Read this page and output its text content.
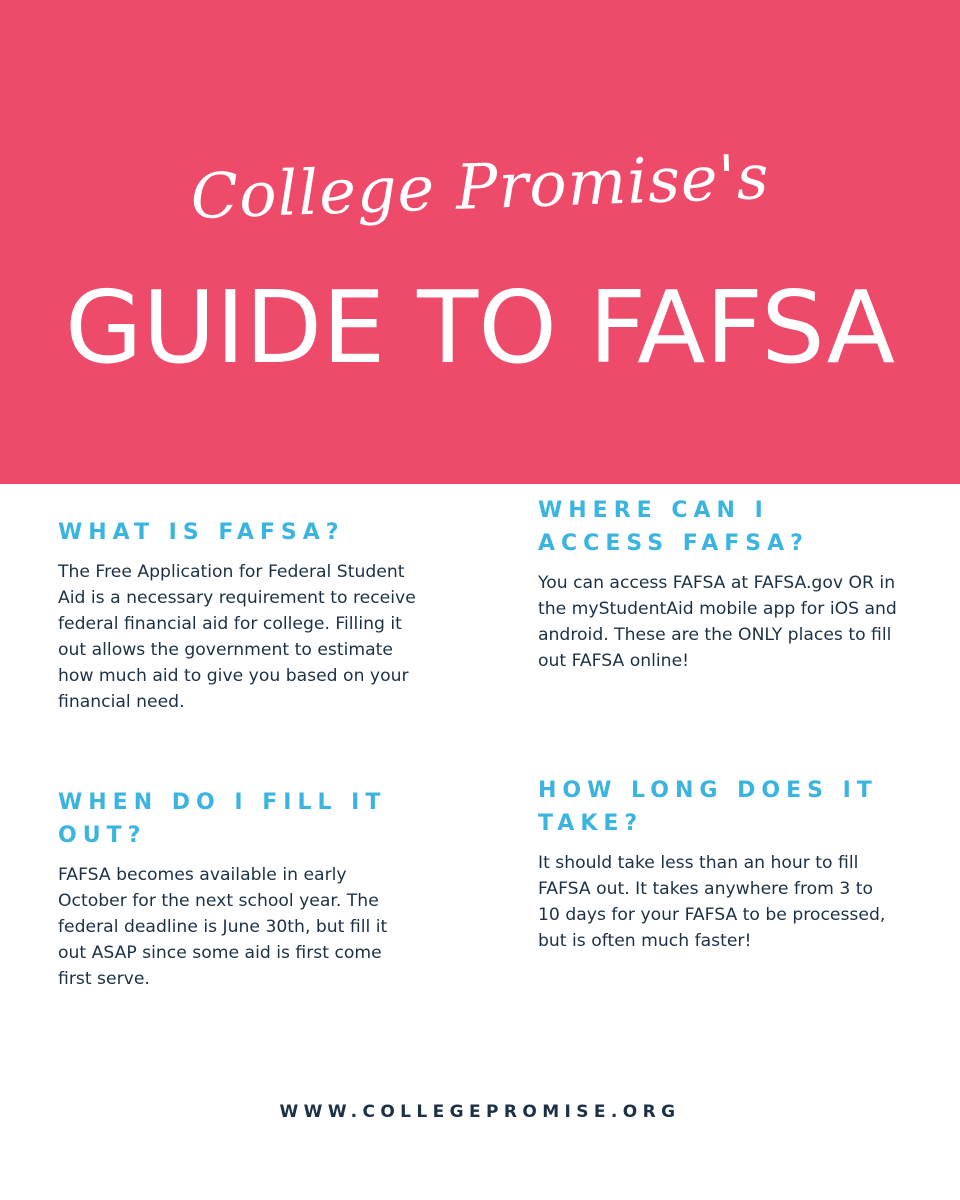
College Promise's
GUIDE TO FAFSA
WHAT IS FAFSA?

The Free Application for Federal Student Aid is a necessary requirement to receive federal financial aid for college. Filling it out allows the government to estimate how much aid to give you based on your financial need.

WHERE CAN I ACCESS FAFSA?

You can access FAFSA at FAFSA.gov OR in the myStudentAid mobile app for iOS and android. These are the ONLY places to fill out FAFSA online!

WHEN DO I FILL IT OUT?

FAFSA becomes available in early October for the next school year. The federal deadline is June 30th, but fill it out ASAP since some aid is first come first serve.

HOW LONG DOES IT TAKE?

It should take less than an hour to fill FAFSA out. It takes anywhere from 3 to 10 days for your FAFSA to be processed, but is often much faster!

WWW.COLLEGEPROMISE.ORG
